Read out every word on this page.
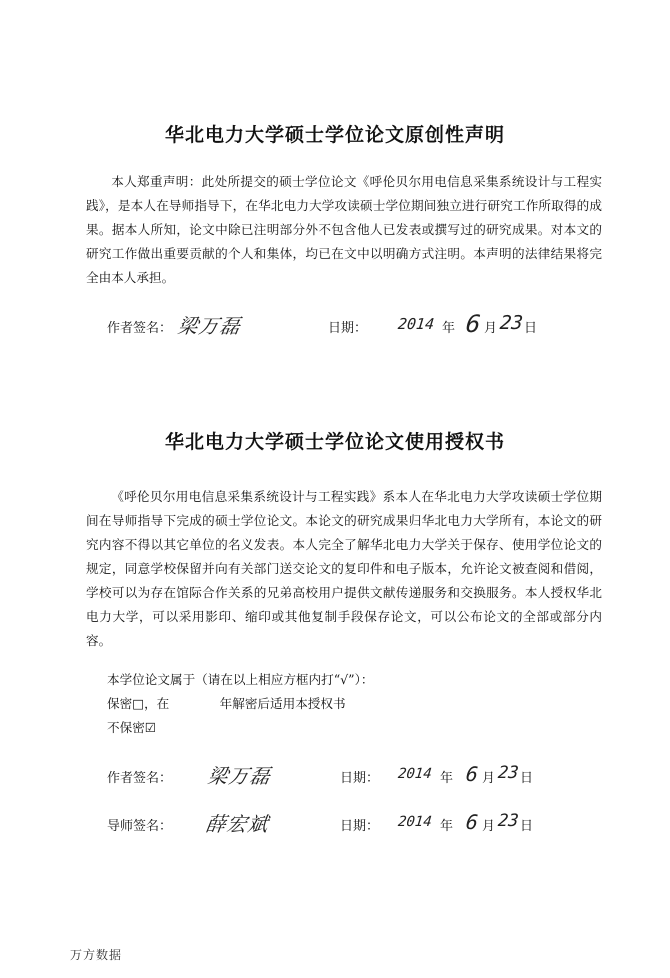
华北电力大学硕士学位论文原创性声明
本人郑重声明：此处所提交的硕士学位论文《呼伦贝尔用电信息采集系统设计与工程实践》，是本人在导师指导下，在华北电力大学攻读硕士学位期间独立进行研究工作所取得的成果。据本人所知，论文中除已注明部分外不包含他人已发表或撰写过的研究成果。对本文的研究工作做出重要贡献的个人和集体，均已在文中以明确方式注明。本声明的法律结果将完全由本人承担。
作者签名： 梁万磊	日期： 2014 年 6 月 23 日
华北电力大学硕士学位论文使用授权书
《呼伦贝尔用电信息采集系统设计与工程实践》系本人在华北电力大学攻读硕士学位期间在导师指导下完成的硕士学位论文。本论文的研究成果归华北电力大学所有，本论文的研究内容不得以其它单位的名义发表。本人完全了解华北电力大学关于保存、使用学位论文的规定，同意学校保留并向有关部门送交论文的复印件和电子版本，允许论文被查阅和借阅，学校可以为存在馆际合作关系的兄弟高校用户提供文献传递服务和交换服务。本人授权华北电力大学，可以采用影印、缩印或其他复制手段保存论文，可以公布论文的全部或部分内容。
本学位论文属于（请在以上相应方框内打“√”）：
保密□，在　　　　年解密后适用本授权书
不保密☑
作者签名： 梁万磊	日期： 2014 年 6 月 23 日
导师签名： 薛宏斌	日期： 2014 年 6 月 23 日
万方数据
